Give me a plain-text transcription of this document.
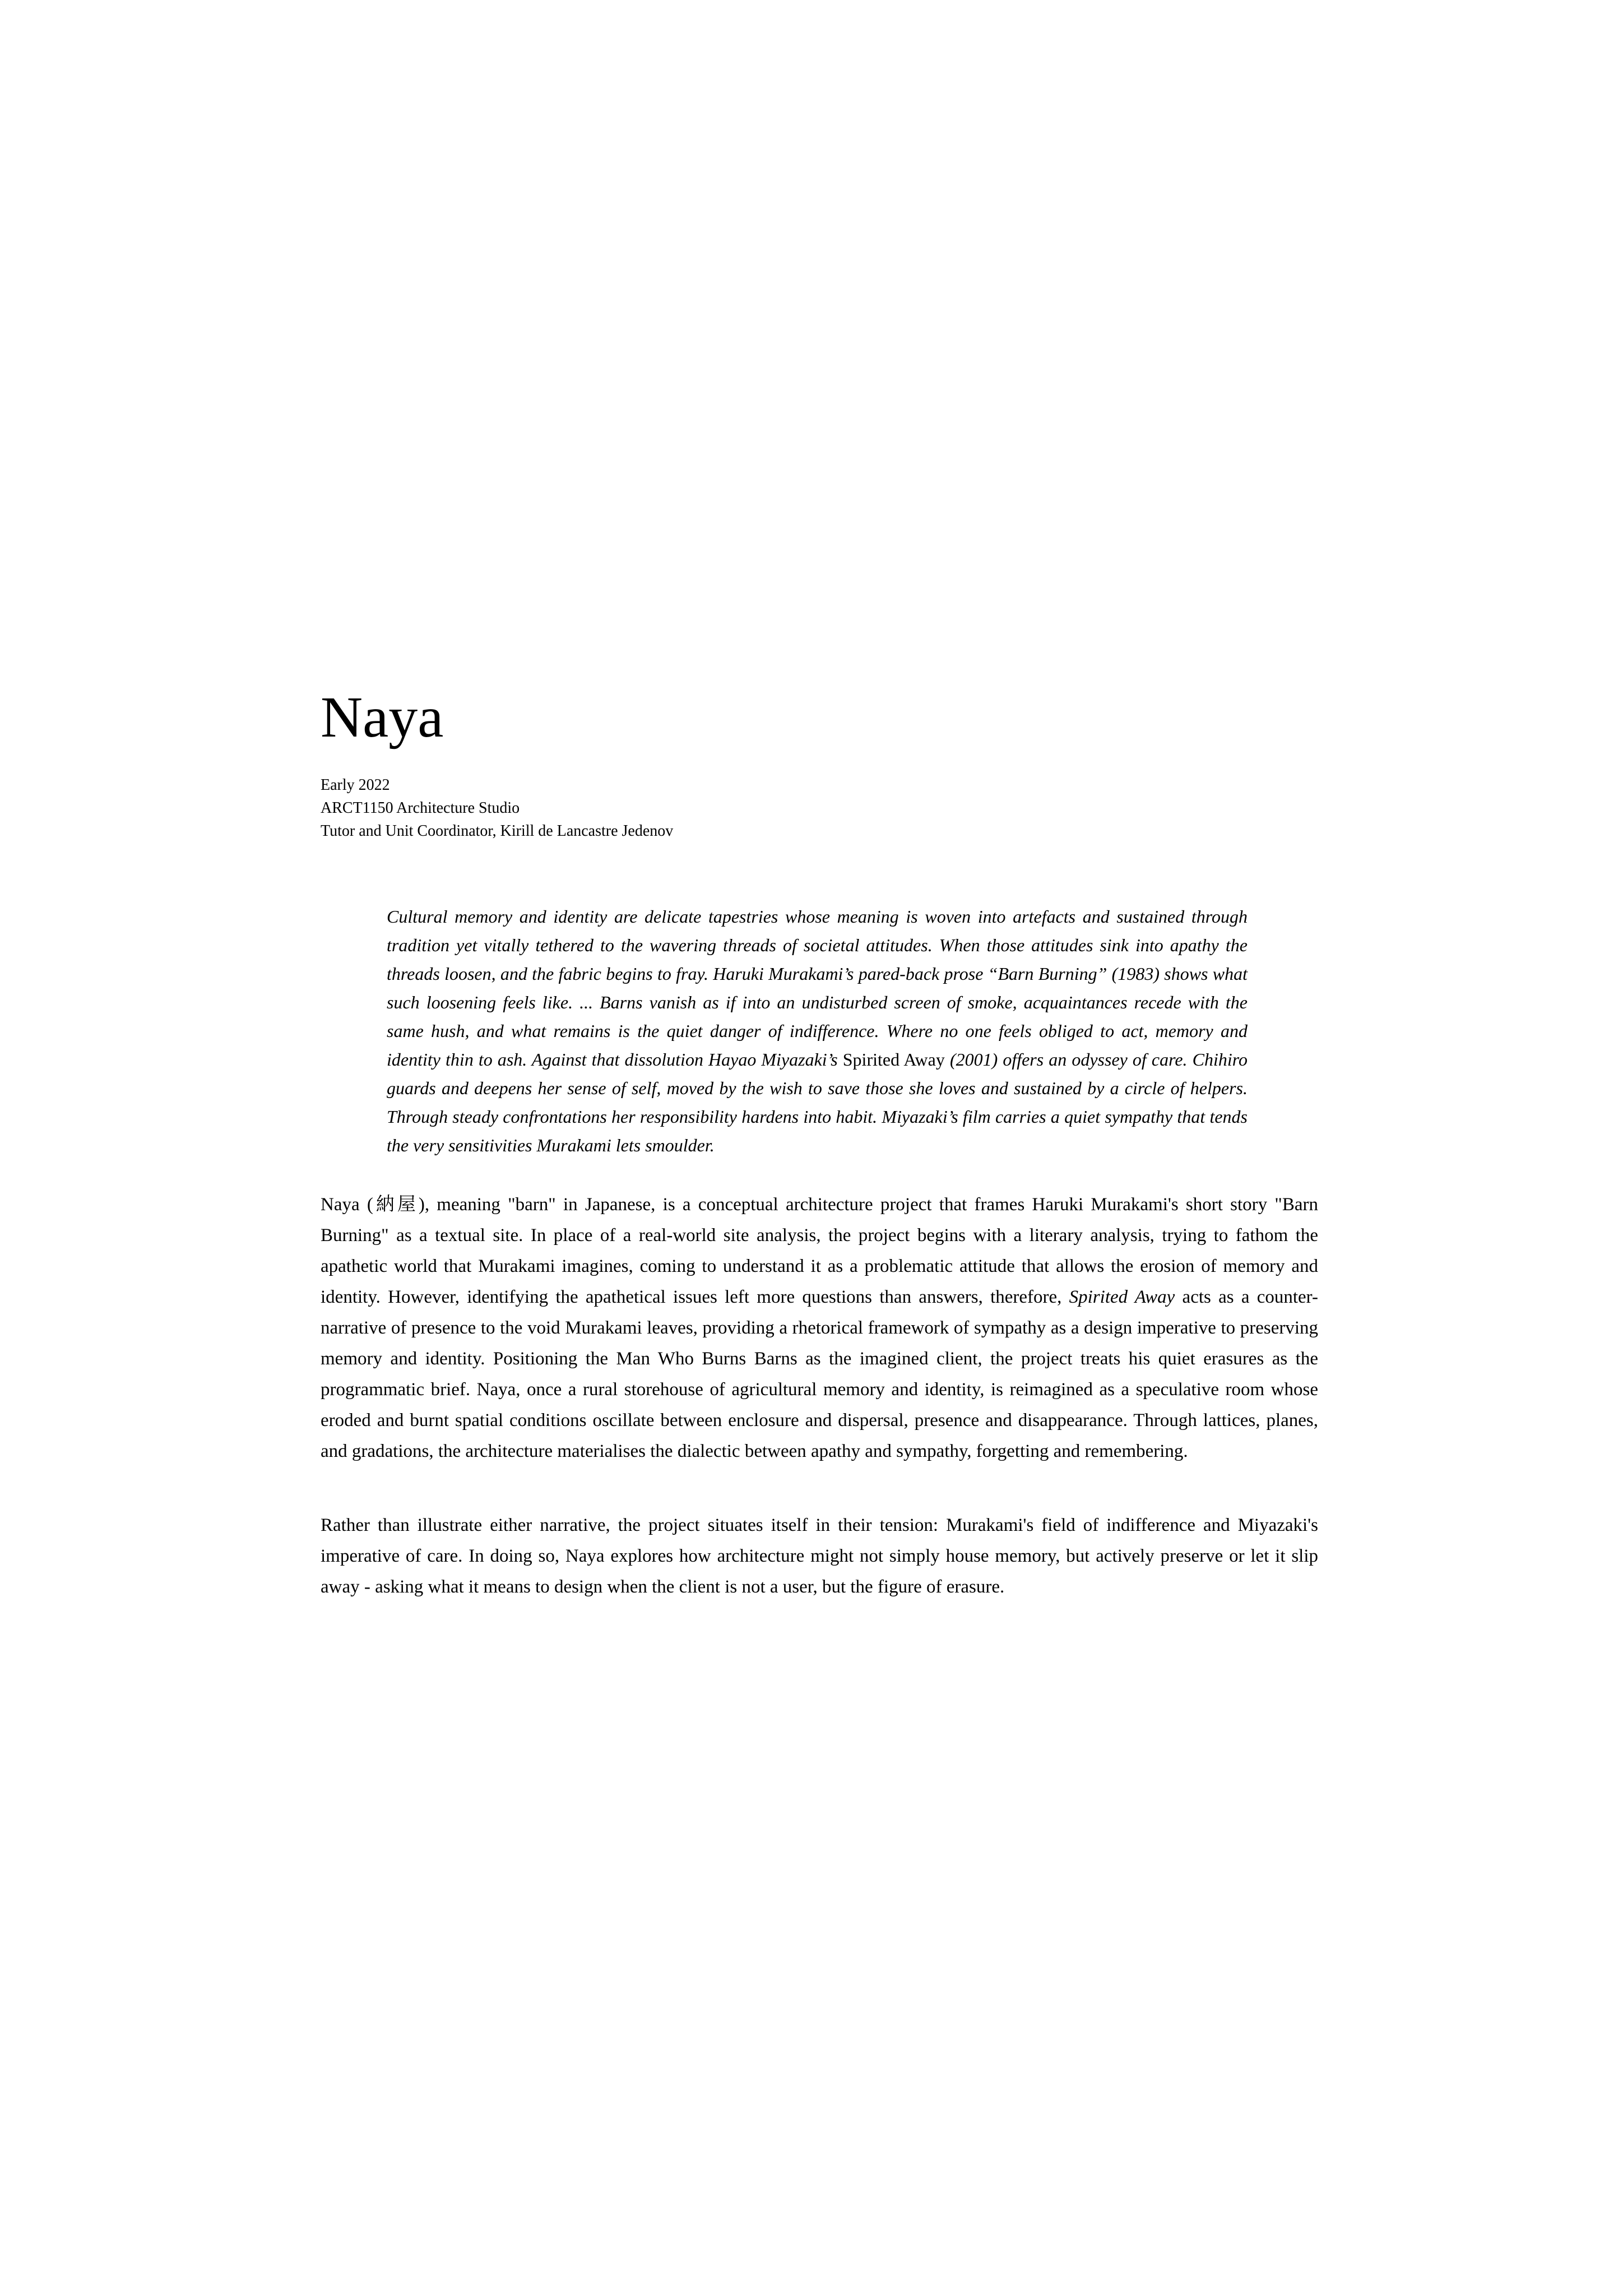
Naya
Early 2022
ARCT1150 Architecture Studio
Tutor and Unit Coordinator, Kirill de Lancastre Jedenov
Cultural memory and identity are delicate tapestries whose meaning is woven into artefacts and sustained through tradition yet vitally tethered to the wavering threads of societal attitudes. When those attitudes sink into apathy the threads loosen, and the fabric begins to fray. Haruki Murakami’s pared-back prose “Barn Burning” (1983) shows what such loosening feels like. ... Barns vanish as if into an undisturbed screen of smoke, acquaintances recede with the same hush, and what remains is the quiet danger of indifference. Where no one feels obliged to act, memory and identity thin to ash. Against that dissolution Hayao Miyazaki’s Spirited Away (2001) offers an odyssey of care. Chihiro guards and deepens her sense of self, moved by the wish to save those she loves and sustained by a circle of helpers. Through steady confrontations her responsibility hardens into habit. Miyazaki’s film carries a quiet sympathy that tends the very sensitivities Murakami lets smoulder.

Naya (納屋), meaning "barn" in Japanese, is a conceptual architecture project that frames Haruki Murakami's short story "Barn Burning" as a textual site. In place of a real-world site analysis, the project begins with a literary analysis, trying to fathom the apathetic world that Murakami imagines, coming to understand it as a problematic attitude that allows the erosion of memory and identity. However, identifying the apathetical issues left more questions than answers, therefore, Spirited Away acts as a counter-narrative of presence to the void Murakami leaves, providing a rhetorical framework of sympathy as a design imperative to preserving memory and identity. Positioning the Man Who Burns Barns as the imagined client, the project treats his quiet erasures as the programmatic brief. Naya, once a rural storehouse of agricultural memory and identity, is reimagined as a speculative room whose eroded and burnt spatial conditions oscillate between enclosure and dispersal, presence and disappearance. Through lattices, planes, and gradations, the architecture materialises the dialectic between apathy and sympathy, forgetting and remembering.

Rather than illustrate either narrative, the project situates itself in their tension: Murakami's field of indifference and Miyazaki's imperative of care. In doing so, Naya explores how architecture might not simply house memory, but actively preserve or let it slip away - asking what it means to design when the client is not a user, but the figure of erasure.
